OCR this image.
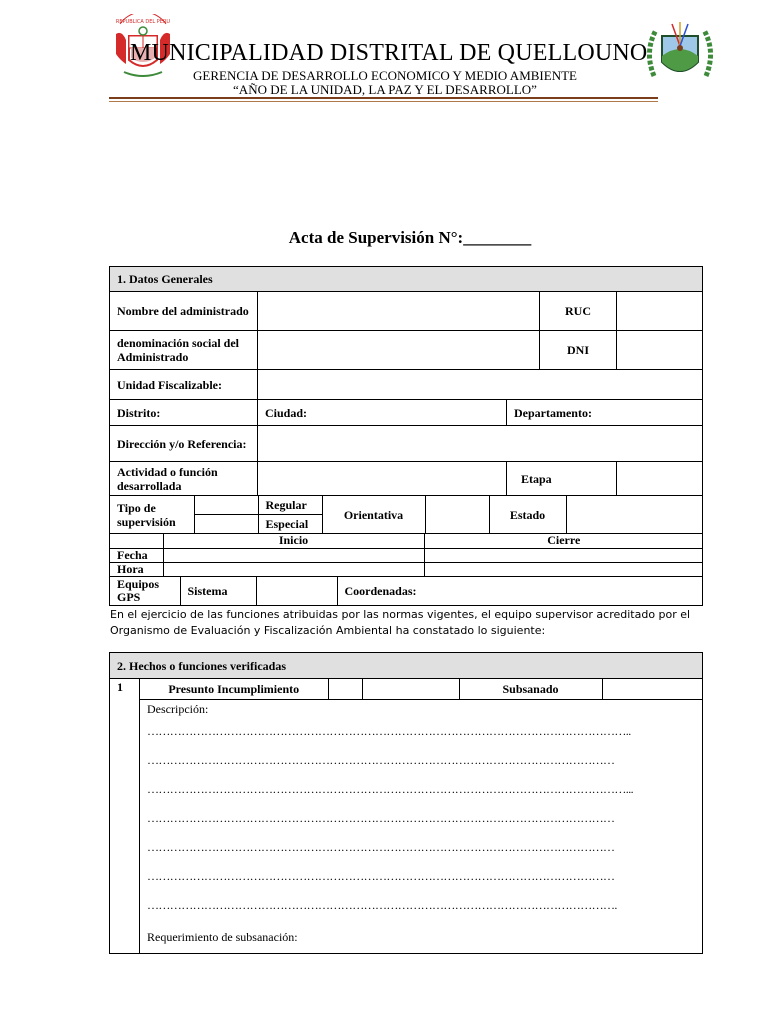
REPUBLICA DEL PERU
MUNICIPALIDAD DISTRITAL DE QUELLOUNO
GERENCIA DE DESARROLLO ECONOMICO Y MEDIO AMBIENTE
“AÑO DE LA UNIDAD, LA PAZ Y EL DESARROLLO”
Acta de Supervisión N°:________
1. Datos Generales
Nombre del administrado		RUC	
denominación social del Administrado		DNI	
Unidad Fiscalizable:	
Distrito:	Ciudad:	Departamento:
Dirección y/o Referencia:	
Actividad o función desarrollada		Etapa	

Tipo de supervisión		Regular	Orientativa		Estado	
	Especial

	Inicio	Cierre
Fecha		
Hora		

Equipos GPS	Sistema		Coordenadas:
En el ejercicio de las funciones atribuidas por las normas vigentes, el equipo supervisor acreditado por el Organismo de Evaluación y Fiscalización Ambiental ha constatado lo siguiente:
2. Hechos o funciones verificadas
1		Presunto Incumplimiento			Subsanado	

Descripción:
………………………………………………………………………………………………………………..
……………………………………………………………………………………………………………
………………………………………………………………………………………………………………...
……………………………………………………………………………………………………………
……………………………………………………………………………………………………………
……………………………………………………………………………………………………………
…………………………………………………………………………………………………………….
Requerimiento de subsanación:
